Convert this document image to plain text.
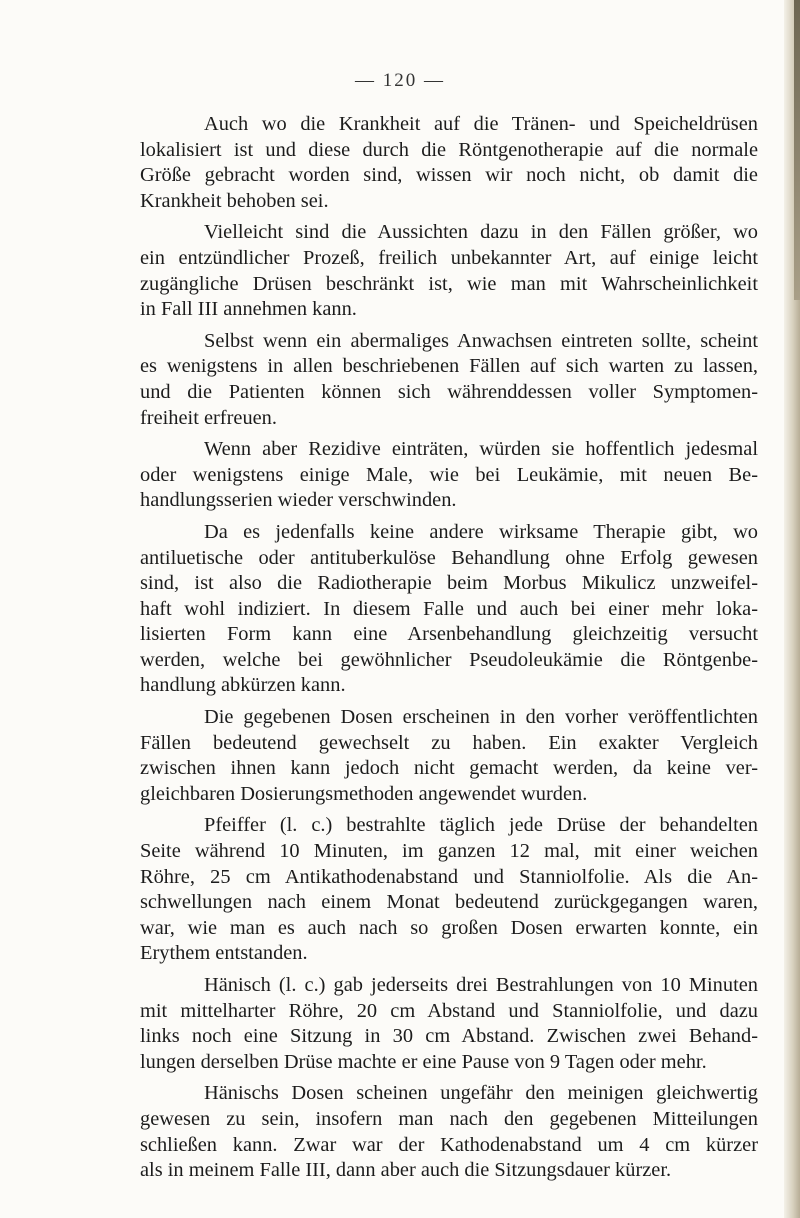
— 120 —
Auch wo die Krankheit auf die Tränen- und Speicheldrüsen
lokalisiert ist und diese durch die Röntgenotherapie auf die normale
Größe gebracht worden sind, wissen wir noch nicht, ob damit die
Krankheit behoben sei.
Vielleicht sind die Aussichten dazu in den Fällen größer, wo
ein entzündlicher Prozeß, freilich unbekannter Art, auf einige leicht
zugängliche Drüsen beschränkt ist, wie man mit Wahrscheinlichkeit
in Fall III annehmen kann.
Selbst wenn ein abermaliges Anwachsen eintreten sollte, scheint
es wenigstens in allen beschriebenen Fällen auf sich warten zu lassen,
und die Patienten können sich währenddessen voller Symptomen-
freiheit erfreuen.
Wenn aber Rezidive einträten, würden sie hoffentlich jedesmal
oder wenigstens einige Male, wie bei Leukämie, mit neuen Be-
handlungsserien wieder verschwinden.
Da es jedenfalls keine andere wirksame Therapie gibt, wo
antiluetische oder antituberkulöse Behandlung ohne Erfolg gewesen
sind, ist also die Radiotherapie beim Morbus Mikulicz unzweifel-
haft wohl indiziert. In diesem Falle und auch bei einer mehr loka-
lisierten Form kann eine Arsenbehandlung gleichzeitig versucht
werden, welche bei gewöhnlicher Pseudoleukämie die Röntgenbe-
handlung abkürzen kann.
Die gegebenen Dosen erscheinen in den vorher veröffentlichten
Fällen bedeutend gewechselt zu haben. Ein exakter Vergleich
zwischen ihnen kann jedoch nicht gemacht werden, da keine ver-
gleichbaren Dosierungsmethoden angewendet wurden.
Pfeiffer (l. c.) bestrahlte täglich jede Drüse der behandelten
Seite während 10 Minuten, im ganzen 12 mal, mit einer weichen
Röhre, 25 cm Antikathodenabstand und Stanniolfolie. Als die An-
schwellungen nach einem Monat bedeutend zurückgegangen waren,
war, wie man es auch nach so großen Dosen erwarten konnte, ein
Erythem entstanden.
Hänisch (l. c.) gab jederseits drei Bestrahlungen von 10 Minuten
mit mittelharter Röhre, 20 cm Abstand und Stanniolfolie, und dazu
links noch eine Sitzung in 30 cm Abstand. Zwischen zwei Behand-
lungen derselben Drüse machte er eine Pause von 9 Tagen oder mehr.
Hänischs Dosen scheinen ungefähr den meinigen gleichwertig
gewesen zu sein, insofern man nach den gegebenen Mitteilungen
schließen kann. Zwar war der Kathodenabstand um 4 cm kürzer
als in meinem Falle III, dann aber auch die Sitzungsdauer kürzer.
